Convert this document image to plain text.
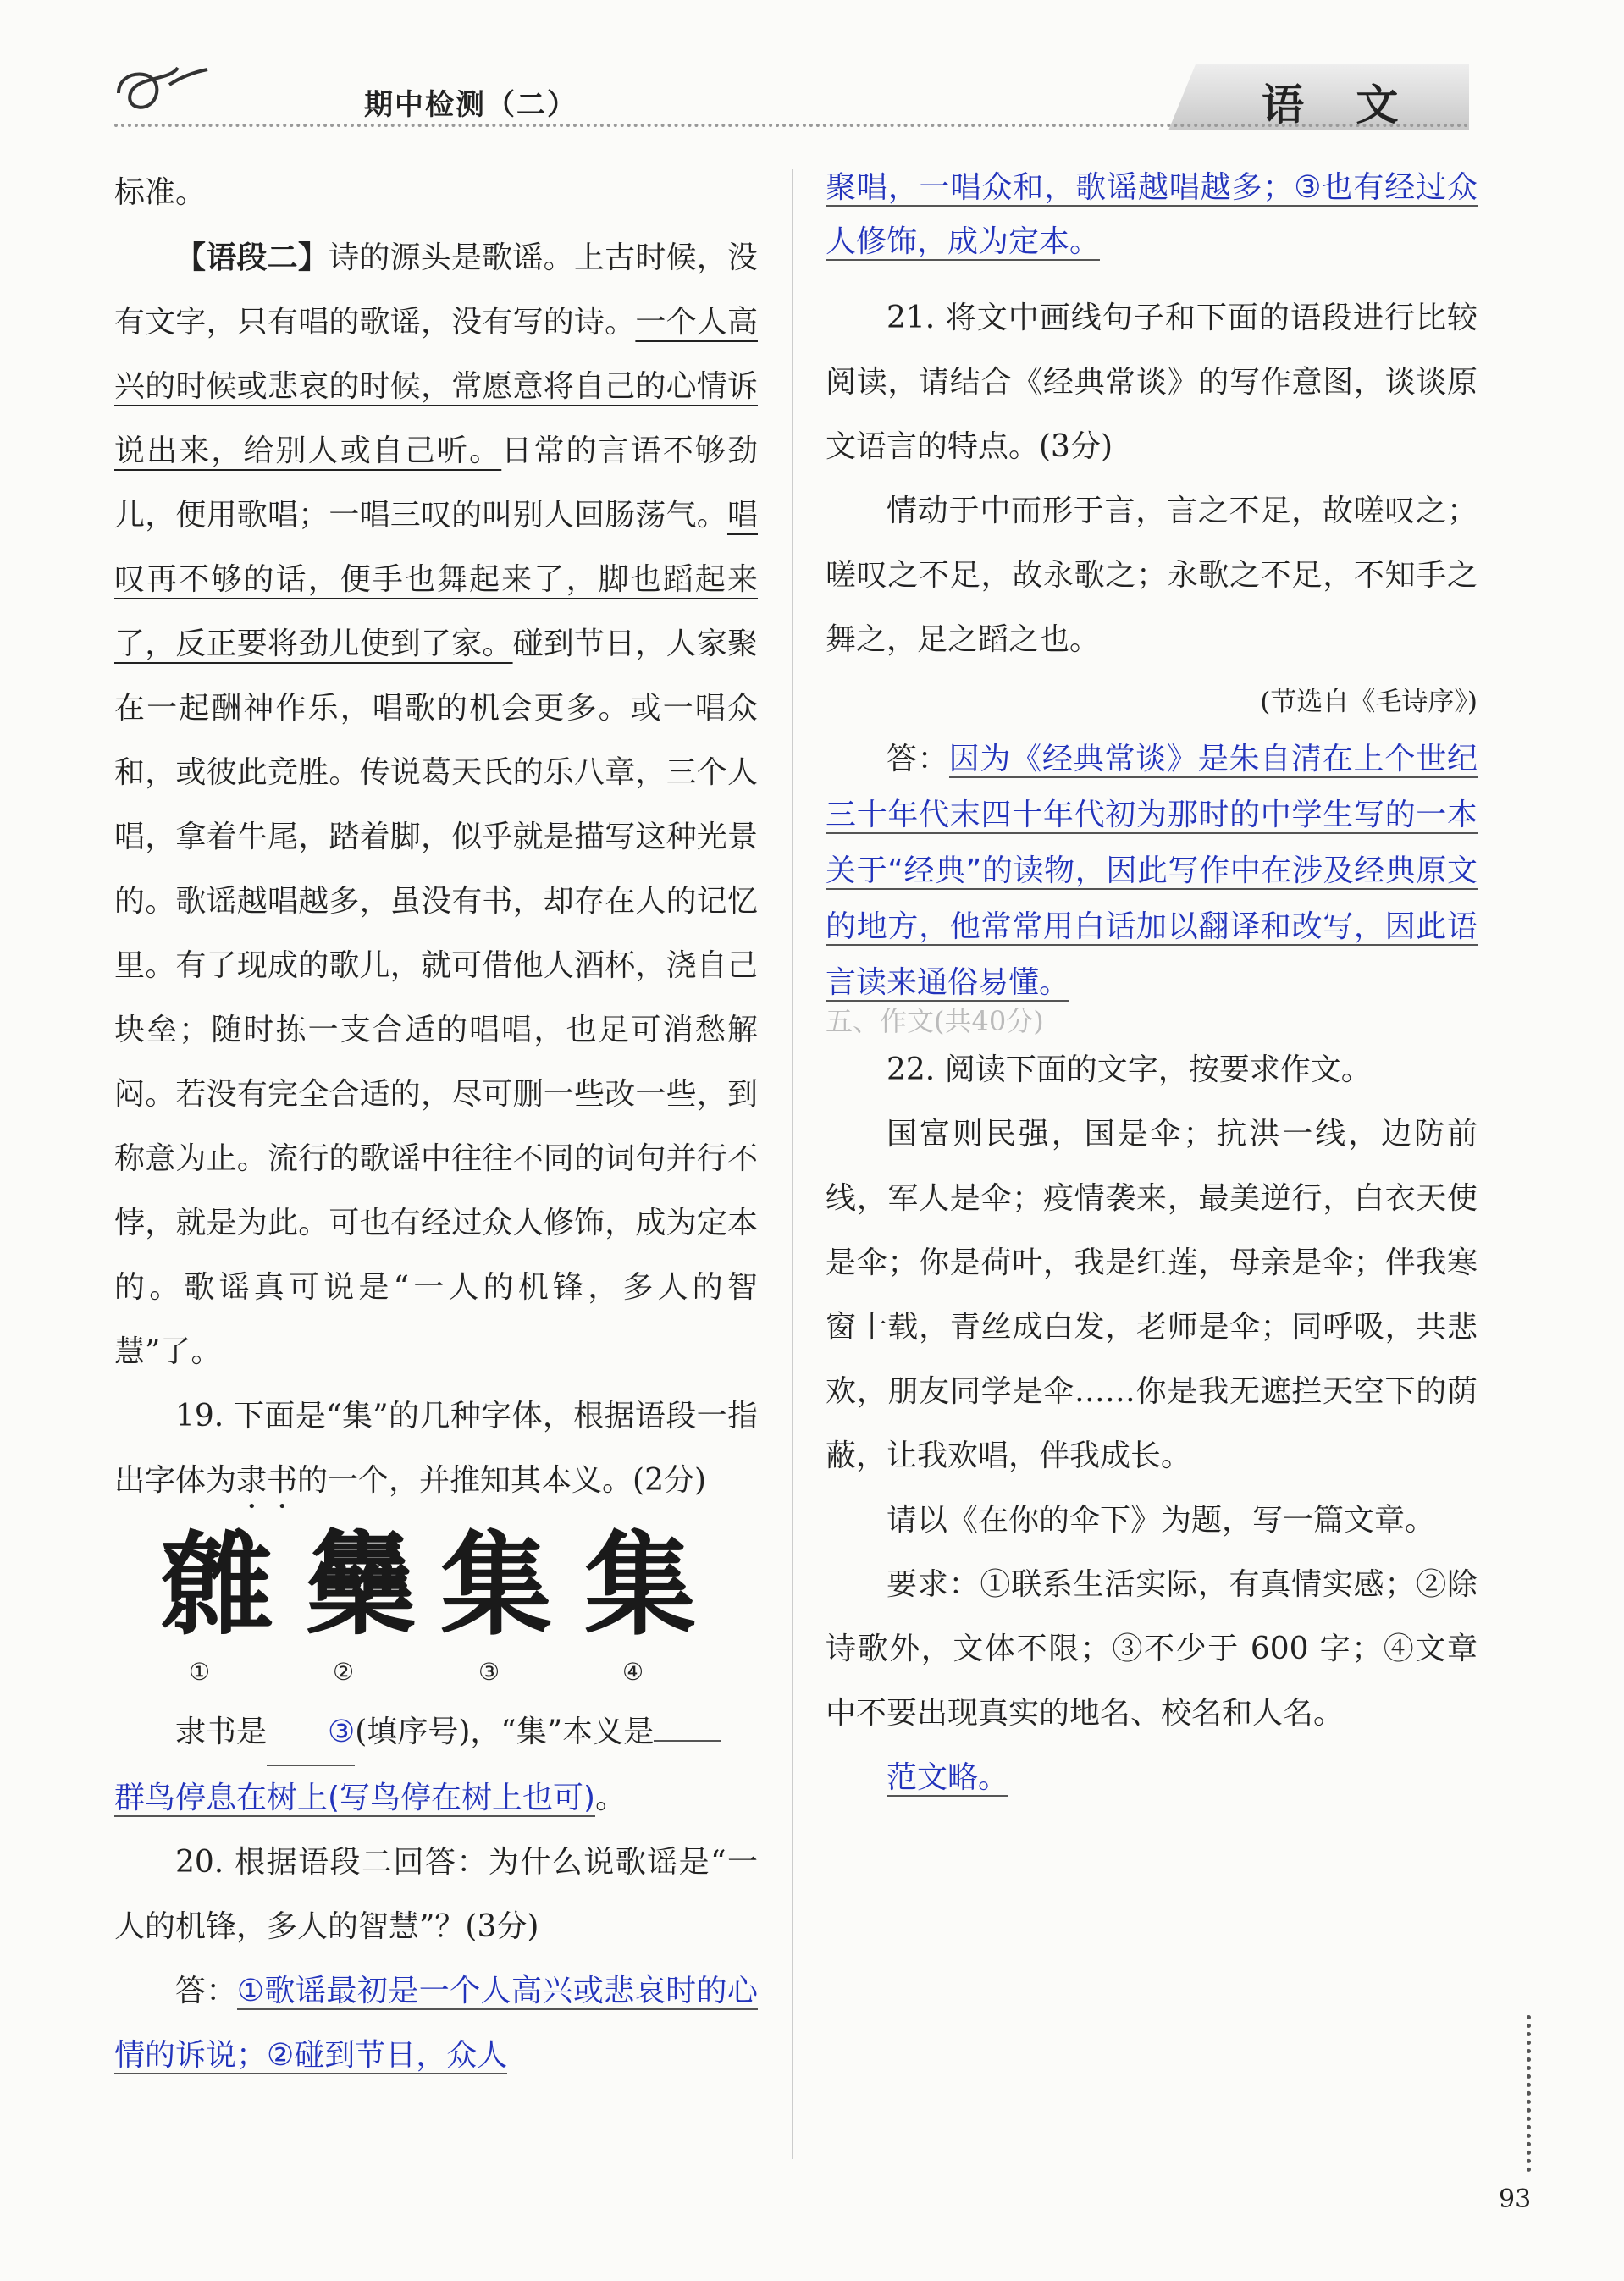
期中检测（二）	语 文

标准。

【语段二】诗的源头是歌谣。上古时候，没有文字，只有唱的歌谣，没有写的诗。一个人高兴的时候或悲哀的时候，常愿意将自己的心情诉说出来，给别人或自己听。日常的言语不够劲儿，便用歌唱；一唱三叹的叫别人回肠荡气。唱叹再不够的话，便手也舞起来了，脚也蹈起来了，反正要将劲儿使到了家。碰到节日，人家聚在一起酬神作乐，唱歌的机会更多。或一唱众和，或彼此竞胜。传说葛天氏的乐八章，三个人唱，拿着牛尾，踏着脚，似乎就是描写这种光景的。歌谣越唱越多，虽没有书，却存在人的记忆里。有了现成的歌儿，就可借他人酒杯，浇自己块垒；随时拣一支合适的唱唱，也足可消愁解闷。若没有完全合适的，尽可删一些改一些，到称意为止。流行的歌谣中往往不同的词句并行不悖，就是为此。可也有经过众人修饰，成为定本的。歌谣真可说是“一人的机锋，多人的智慧”了。

19. 下面是“集”的几种字体，根据语段一指出字体为隶书的一个，并推知其本义。(2分)

䨅 雧 集 集
①	②	③	④

隶书是 ③(填序号)，“集”本义是
群鸟停息在树上(写鸟停在树上也可)。

20. 根据语段二回答：为什么说歌谣是“一人的机锋，多人的智慧”？(3分)

答：①歌谣最初是一个人高兴或悲哀时的心情的诉说；②碰到节日，众人

聚唱，一唱众和，歌谣越唱越多；③也有经过众人修饰，成为定本。

21. 将文中画线句子和下面的语段进行比较阅读，请结合《经典常谈》的写作意图，谈谈原文语言的特点。(3分)

情动于中而形于言，言之不足，故嗟叹之；嗟叹之不足，故永歌之；永歌之不足，不知手之舞之，足之蹈之也。

(节选自《毛诗序》)

答：因为《经典常谈》是朱自清在上个世纪三十年代末四十年代初为那时的中学生写的一本关于“经典”的读物，因此写作中在涉及经典原文的地方，他常常用白话加以翻译和改写，因此语言读来通俗易懂。

五、作文(共40分)

22. 阅读下面的文字，按要求作文。

国富则民强，国是伞；抗洪一线，边防前线，军人是伞；疫情袭来，最美逆行，白衣天使是伞；你是荷叶，我是红莲，母亲是伞；伴我寒窗十载，青丝成白发，老师是伞；同呼吸，共悲欢，朋友同学是伞……你是我无遮拦天空下的荫蔽，让我欢唱，伴我成长。

请以《在你的伞下》为题，写一篇文章。

要求：①联系生活实际，有真情实感；②除诗歌外，文体不限；③不少于 600 字；④文章中不要出现真实的地名、校名和人名。

范文略。

93
